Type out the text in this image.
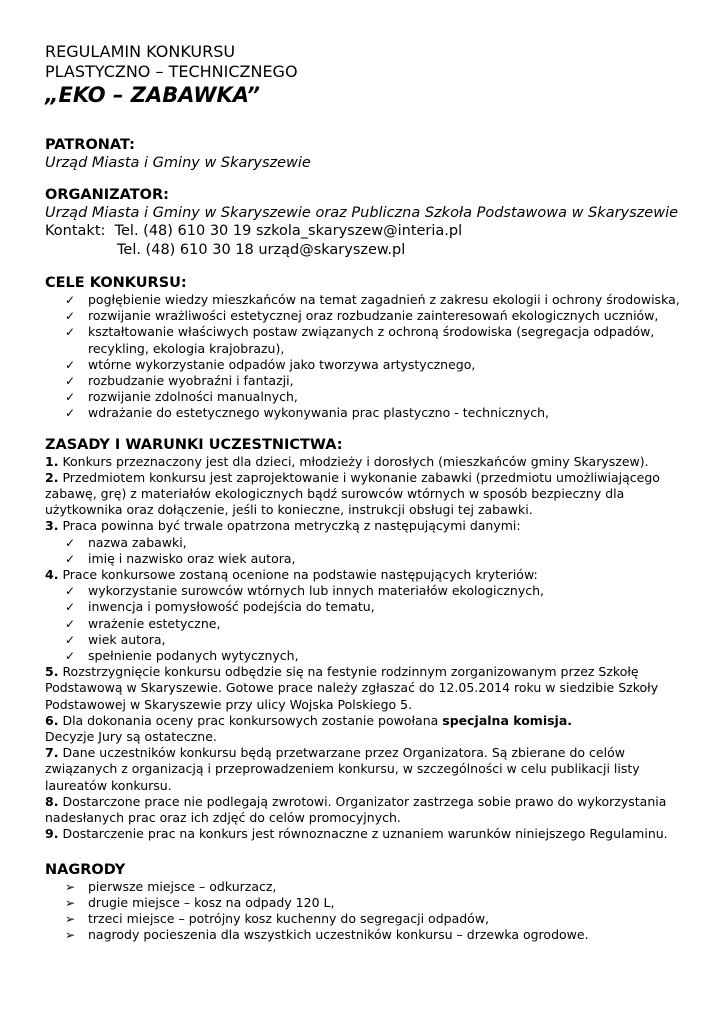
REGULAMIN KONKURSU
PLASTYCZNO – TECHNICZNEGO
„EKO – ZABAWKA”
PATRONAT:
Urząd Miasta i Gminy w Skaryszewie
ORGANIZATOR:
Urząd Miasta i Gminy w Skaryszewie oraz Publiczna Szkoła Podstawowa w Skaryszewie
Kontakt: Tel. (48) 610 30 19 szkola_skaryszew@interia.pl
Tel. (48) 610 30 18 urząd@skaryszew.pl
CELE KONKURSU:
✓ pogłębienie wiedzy mieszkańców na temat zagadnień z zakresu ekologii i ochrony środowiska,
✓ rozwijanie wrażliwości estetycznej oraz rozbudzanie zainteresowań ekologicznych uczniów,
✓ kształtowanie właściwych postaw związanych z ochroną środowiska (segregacja odpadów, recykling, ekologia krajobrazu),
✓ wtórne wykorzystanie odpadów jako tworzywa artystycznego,
✓ rozbudzanie wyobraźni i fantazji,
✓ rozwijanie zdolności manualnych,
✓ wdrażanie do estetycznego wykonywania prac plastyczno - technicznych,
ZASADY I WARUNKI UCZESTNICTWA:
1. Konkurs przeznaczony jest dla dzieci, młodzieży i dorosłych (mieszkańców gminy Skaryszew).
2. Przedmiotem konkursu jest zaprojektowanie i wykonanie zabawki (przedmiotu umożliwiającego zabawę, grę) z materiałów ekologicznych bądź surowców wtórnych w sposób bezpieczny dla użytkownika oraz dołączenie, jeśli to konieczne, instrukcji obsługi tej zabawki.
3. Praca powinna być trwale opatrzona metryczką z następującymi danymi:
✓ nazwa zabawki,
✓ imię i nazwisko oraz wiek autora,
4. Prace konkursowe zostaną ocenione na podstawie następujących kryteriów:
✓ wykorzystanie surowców wtórnych lub innych materiałów ekologicznych,
✓ inwencja i pomysłowość podejścia do tematu,
✓ wrażenie estetyczne,
✓ wiek autora,
✓ spełnienie podanych wytycznych,
5. Rozstrzygnięcie konkursu odbędzie się na festynie rodzinnym zorganizowanym przez Szkołę Podstawową w Skaryszewie. Gotowe prace należy zgłaszać do 12.05.2014 roku w siedzibie Szkoły Podstawowej w Skaryszewie przy ulicy Wojska Polskiego 5.
6. Dla dokonania oceny prac konkursowych zostanie powołana specjalna komisja.
Decyzje Jury są ostateczne.
7. Dane uczestników konkursu będą przetwarzane przez Organizatora. Są zbierane do celów związanych z organizacją i przeprowadzeniem konkursu, w szczególności w celu publikacji listy laureatów konkursu.
8. Dostarczone prace nie podlegają zwrotowi. Organizator zastrzega sobie prawo do wykorzystania nadesłanych prac oraz ich zdjęć do celów promocyjnych.
9. Dostarczenie prac na konkurs jest równoznaczne z uznaniem warunków niniejszego Regulaminu.
NAGRODY
➢ pierwsze miejsce – odkurzacz,
➢ drugie miejsce – kosz na odpady 120 L,
➢ trzeci miejsce – potrójny kosz kuchenny do segregacji odpadów,
➢ nagrody pocieszenia dla wszystkich uczestników konkursu – drzewka ogrodowe.
